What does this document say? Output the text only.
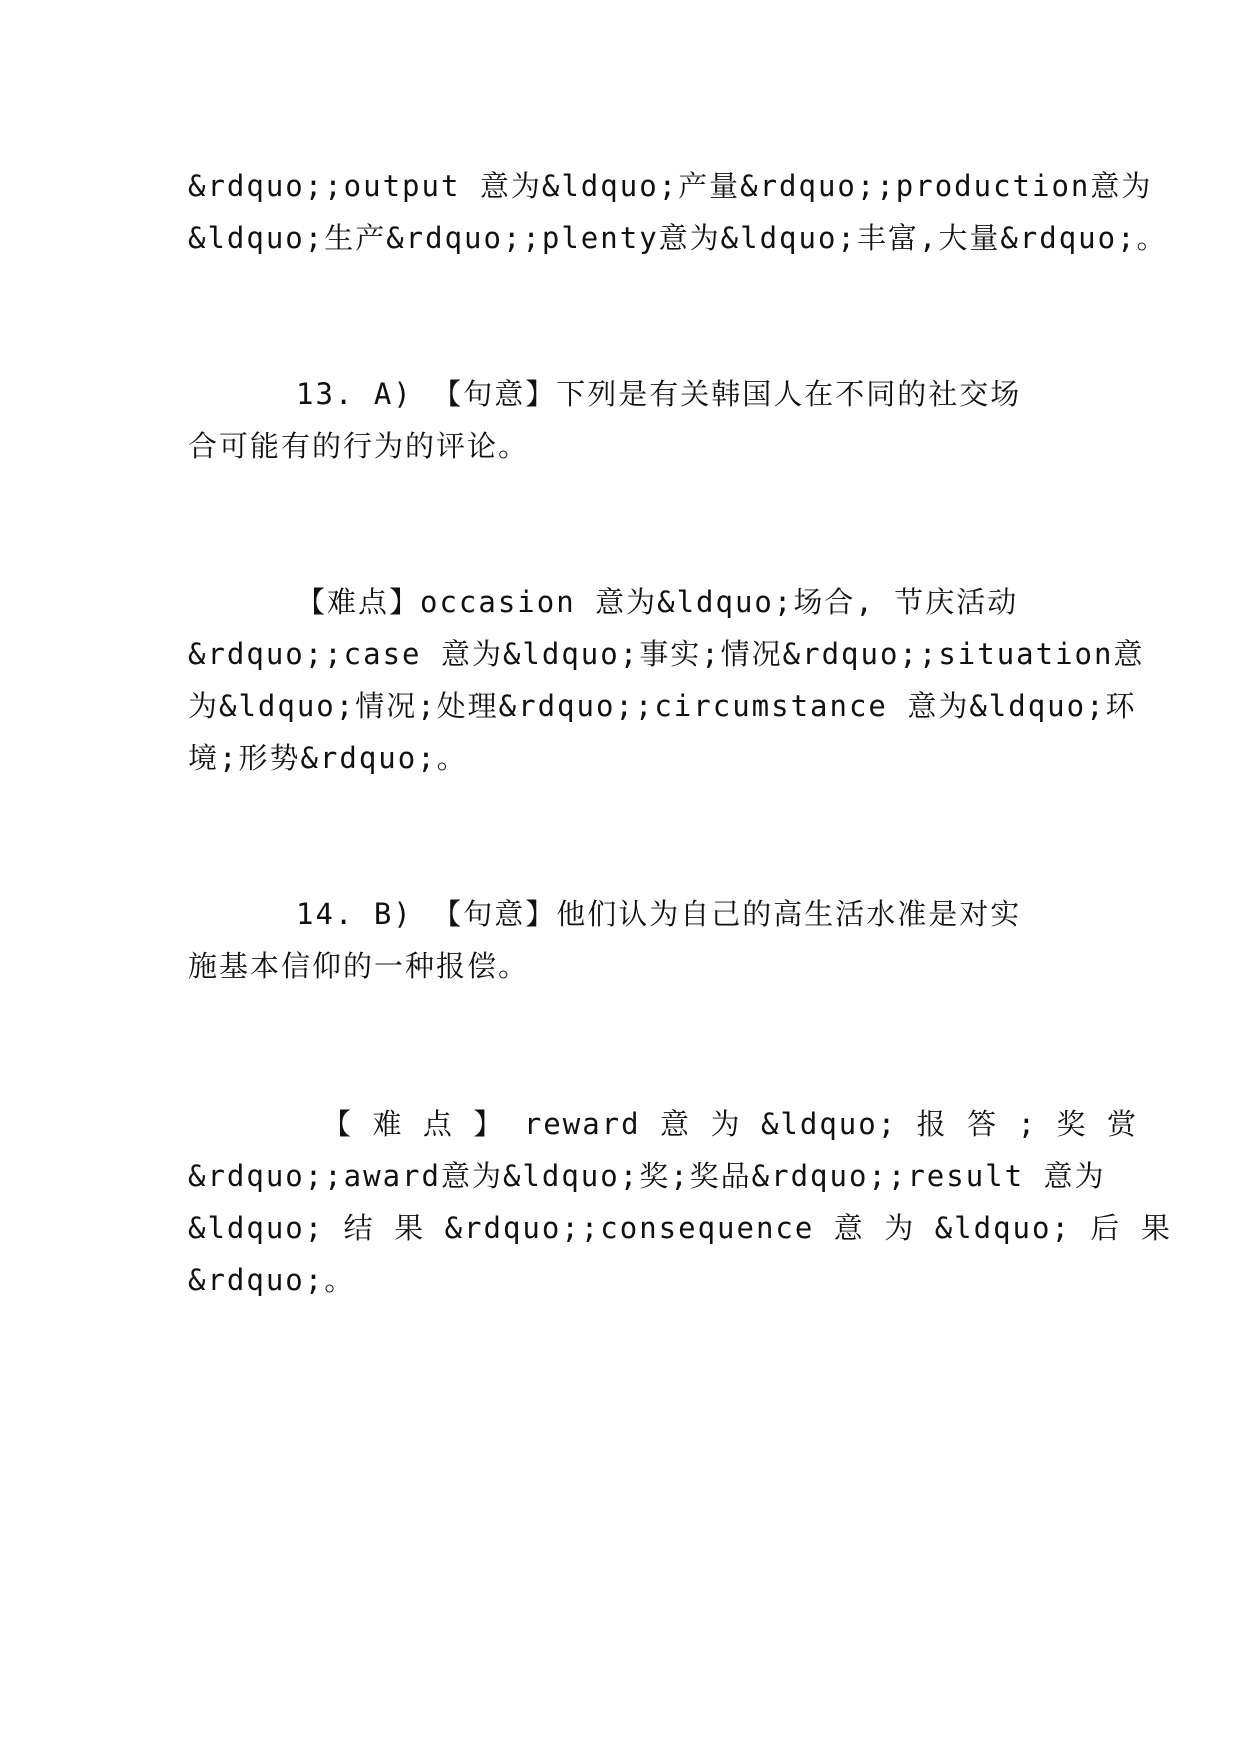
&rdquo;;output 意为&ldquo;产量&rdquo;;production意为
&ldquo;生产&rdquo;;plenty意为&ldquo;丰富,大量&rdquo;。
13. A) 【句意】下列是有关韩国人在不同的社交场
合可能有的行为的评论。
【难点】occasion 意为&ldquo;场合, 节庆活动
&rdquo;;case 意为&ldquo;事实;情况&rdquo;;situation意
为&ldquo;情况;处理&rdquo;;circumstance 意为&ldquo;环
境;形势&rdquo;。
14. B) 【句意】他们认为自己的高生活水准是对实
施基本信仰的一种报偿。
【 难 点 】 reward 意 为 &ldquo; 报 答 ; 奖 赏
&rdquo;;award意为&ldquo;奖;奖品&rdquo;;result 意为
&ldquo; 结 果 &rdquo;;consequence 意 为 &ldquo; 后 果
&rdquo;。
